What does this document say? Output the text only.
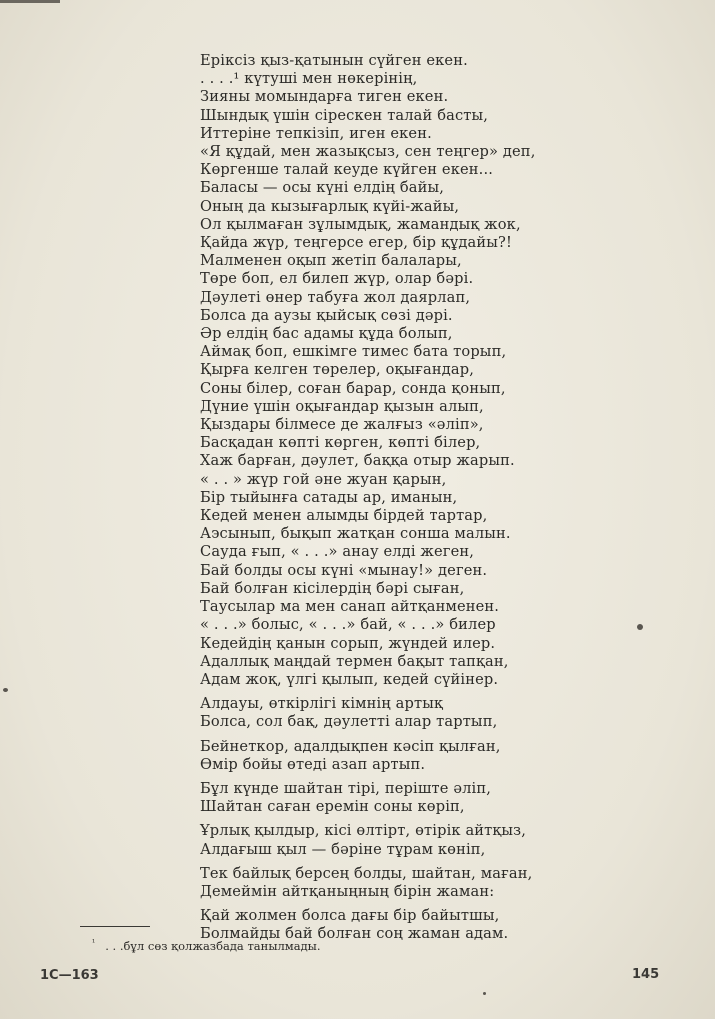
Еріксіз қыз-қатынын сүйген екен.
. . . .¹ күтуші мен нөкерінің,
Зияны момындарға тиген екен.
Шындық үшін сірескен талай басты,
Иттеріне тепкізіп, иген екен.
«Я құдай, мен жазықсыз, сен теңгер» деп,
Көргенше талай кеуде күйген екен...
Баласы — осы күні елдің байы,
Оның да кызығарлық күйі-жайы,
Ол қылмаған зұлымдық, жамандық жок,
Қайда жүр, теңгерсе егер, бір құдайы?!
Малменен оқып жетіп балалары,
Төре боп, ел билеп жүр, олар бәрі.
Дәулеті өнер табуға жол даярлап,
Болса да аузы қыйсық сөзі дәрі.
Әр елдің бас адамы құда болып,
Аймақ боп, ешкімге тимес бата торып,
Қырға келген төрелер, оқығандар,
Соны білер, соған барар, сонда қонып,
Дүние үшін оқығандар қызын алып,
Қыздары білмесе де жалғыз «әліп»,
Басқадан көпті көрген, көпті білер,
Хаж барған, дәулет, баққа отыр жарып.
« . . » жүр гой әне жуан қарын,
Бір тыйынға сатады ар, иманын,
Кедей менен алымды бірдей тартар,
Аэсынып, бықып жатқан сонша малын.
Сауда ғып, « . . .» анау елді жеген,
Бай болды осы күні «мынау!» деген.
Бай болған кісілердің бәрі сыған,
Таусылар ма мен санап айтқанменен.
« . . .» болыс, « . . .» бай, « . . .» билер
Кедейдің қанын сорып, жүндей илер.
Адаллық маңдай термен бақыт тапқан,
Адам жоқ, үлгі қылып, кедей сүйінер.
Алдауы, өткірлігі кімнің артық
Болса, сол бақ, дәулетті алар тартып,
Бейнеткор, адалдықпен кәсіп қылған,
Өмір бойы өтеді азап артып.
Бұл күнде шайтан тірі, періште әліп,
Шайтан саған еремін соны көріп,
Ұрлық қылдыр, кісі өлтірт, өтірік айтқыз,
Алдағыш қыл — бәріне тұрам көніп,
Тек байлық берсең болды, шайтан, маған,
Демеймін айтқаныңның бірін жаман:
Қай жолмен болса дағы бір байытшы,
Болмайды бай болған соң жаман адам.
$^{^1}$ . . .бұл сөз қолжазбада танылмады.
1С—163	145
